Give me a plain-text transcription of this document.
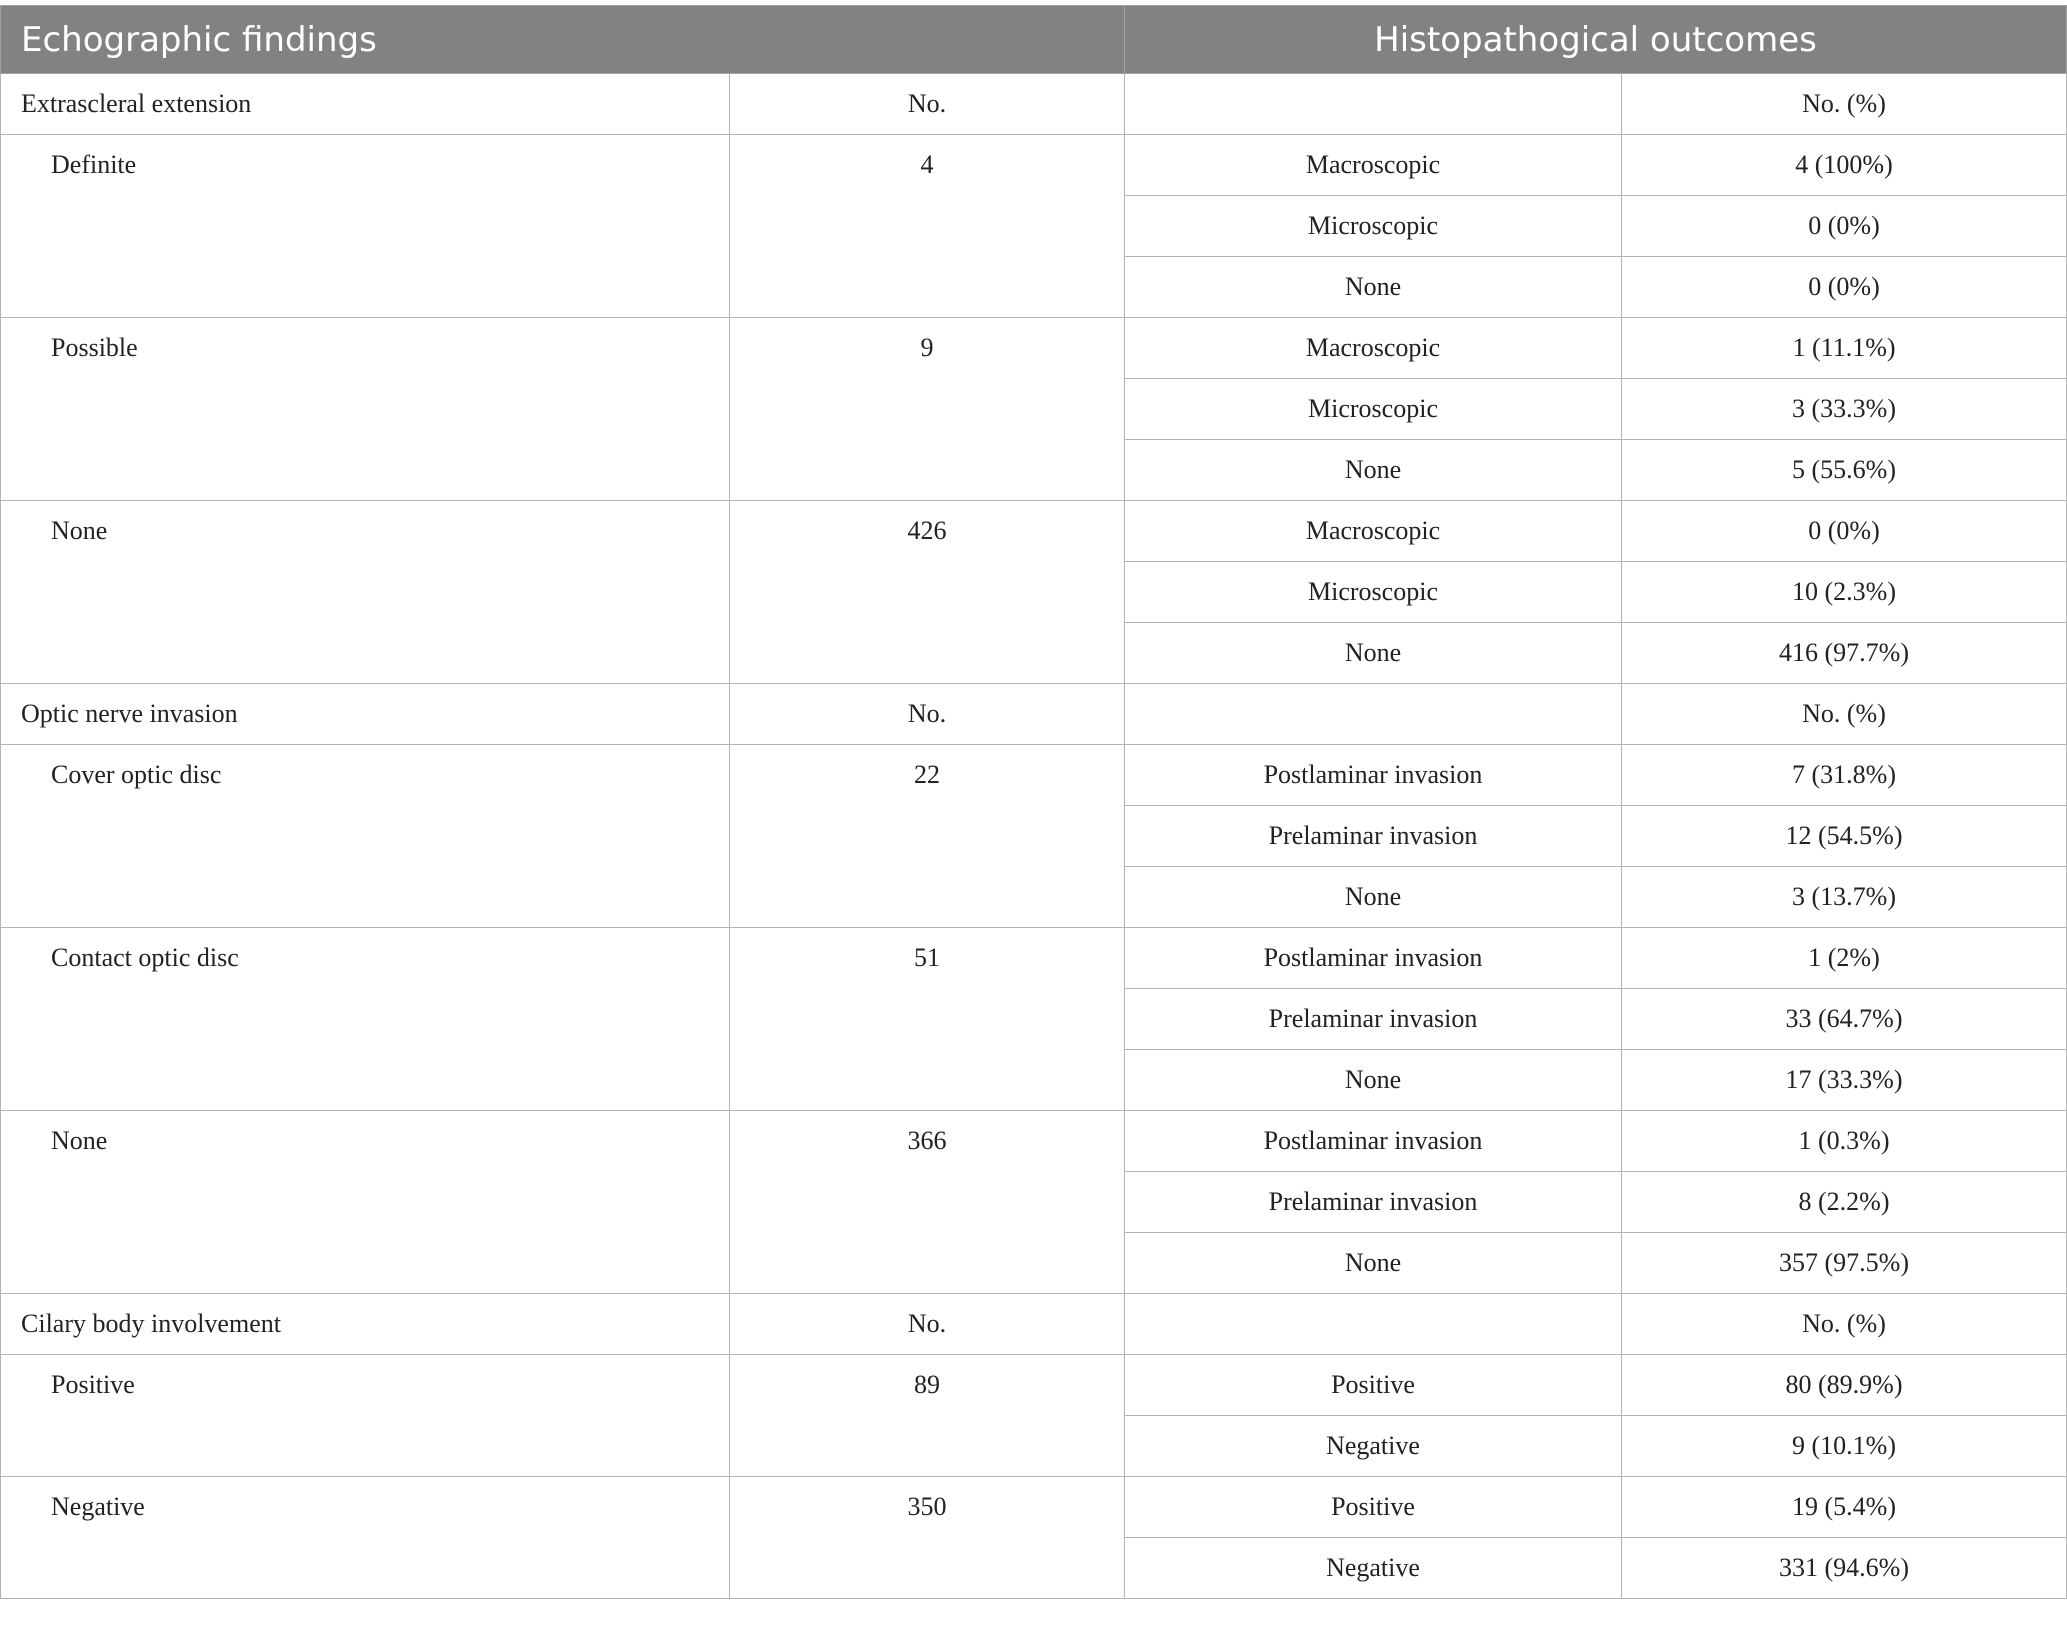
Echographic findings		Histopathogical outcomes	
Extrascleral extension	No.		No. (%)
Definite	4	Macroscopic	4 (100%)
		Microscopic	0 (0%)
		None	0 (0%)
Possible	9	Macroscopic	1 (11.1%)
		Microscopic	3 (33.3%)
		None	5 (55.6%)
None	426	Macroscopic	0 (0%)
		Microscopic	10 (2.3%)
		None	416 (97.7%)
Optic nerve invasion	No.		No. (%)
Cover optic disc	22	Postlaminar invasion	7 (31.8%)
		Prelaminar invasion	12 (54.5%)
		None	3 (13.7%)
Contact optic disc	51	Postlaminar invasion	1 (2%)
		Prelaminar invasion	33 (64.7%)
		None	17 (33.3%)
None	366	Postlaminar invasion	1 (0.3%)
		Prelaminar invasion	8 (2.2%)
		None	357 (97.5%)
Cilary body involvement	No.		No. (%)
Positive	89	Positive	80 (89.9%)
		Negative	9 (10.1%)
Negative	350	Positive	19 (5.4%)
		Negative	331 (94.6%)
